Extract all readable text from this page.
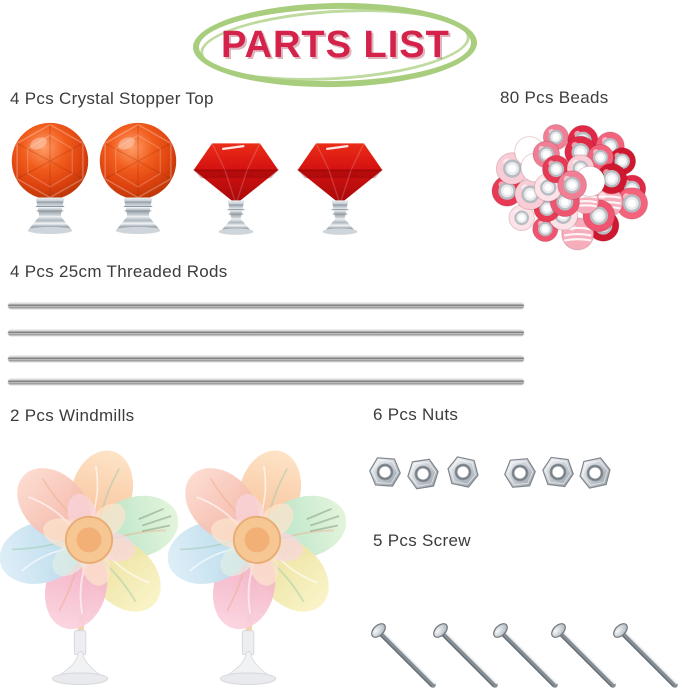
PARTS LIST
4 Pcs Crystal Stopper Top	80 Pcs Beads
4 Pcs 25cm Threaded Rods
2 Pcs Windmills	6 Pcs Nuts
5 Pcs Screw
